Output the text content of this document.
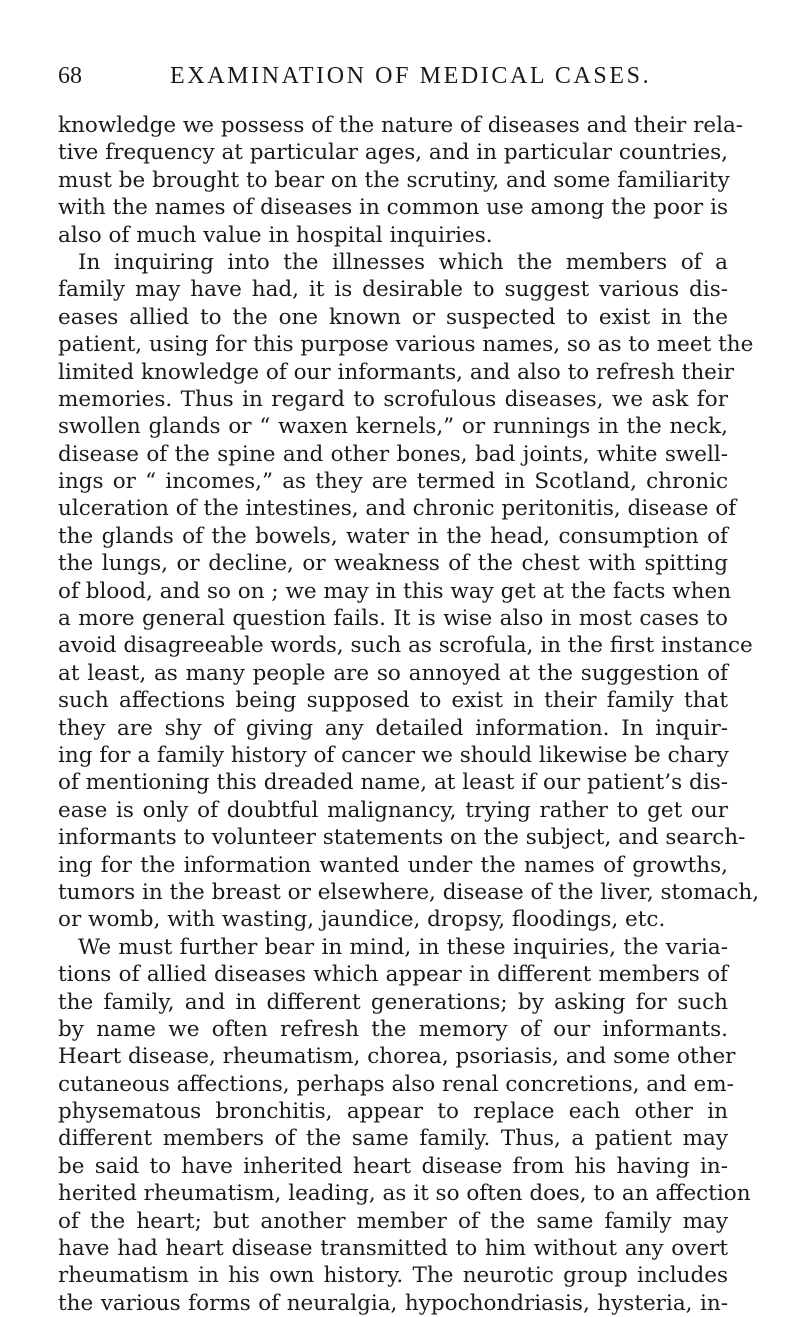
68	EXAMINATION OF MEDICAL CASES.
knowledge we possess of the nature of diseases and their rela-
tive frequency at particular ages, and in particular countries,
must be brought to bear on the scrutiny, and some familiarity
with the names of diseases in common use among the poor is
also of much value in hospital inquiries.
In inquiring into the illnesses which the members of a
family may have had, it is desirable to suggest various dis-
eases allied to the one known or suspected to exist in the
patient, using for this purpose various names, so as to meet the
limited knowledge of our informants, and also to refresh their
memories. Thus in regard to scrofulous diseases, we ask for
swollen glands or “ waxen kernels,” or runnings in the neck,
disease of the spine and other bones, bad joints, white swell-
ings or “ incomes,” as they are termed in Scotland, chronic
ulceration of the intestines, and chronic peritonitis, disease of
the glands of the bowels, water in the head, consumption of
the lungs, or decline, or weakness of the chest with spitting
of blood, and so on ; we may in this way get at the facts when
a more general question fails. It is wise also in most cases to
avoid disagreeable words, such as scrofula, in the first instance
at least, as many people are so annoyed at the suggestion of
such affections being supposed to exist in their family that
they are shy of giving any detailed information. In inquir-
ing for a family history of cancer we should likewise be chary
of mentioning this dreaded name, at least if our patient’s dis-
ease is only of doubtful malignancy, trying rather to get our
informants to volunteer statements on the subject, and search-
ing for the information wanted under the names of growths,
tumors in the breast or elsewhere, disease of the liver, stomach,
or womb, with wasting, jaundice, dropsy, floodings, etc.
We must further bear in mind, in these inquiries, the varia-
tions of allied diseases which appear in different members of
the family, and in different generations; by asking for such
by name we often refresh the memory of our informants.
Heart disease, rheumatism, chorea, psoriasis, and some other
cutaneous affections, perhaps also renal concretions, and em-
physematous bronchitis, appear to replace each other in
different members of the same family. Thus, a patient may
be said to have inherited heart disease from his having in-
herited rheumatism, leading, as it so often does, to an affection
of the heart; but another member of the same family may
have had heart disease transmitted to him without any overt
rheumatism in his own history. The neurotic group includes
the various forms of neuralgia, hypochondriasis, hysteria, in-
